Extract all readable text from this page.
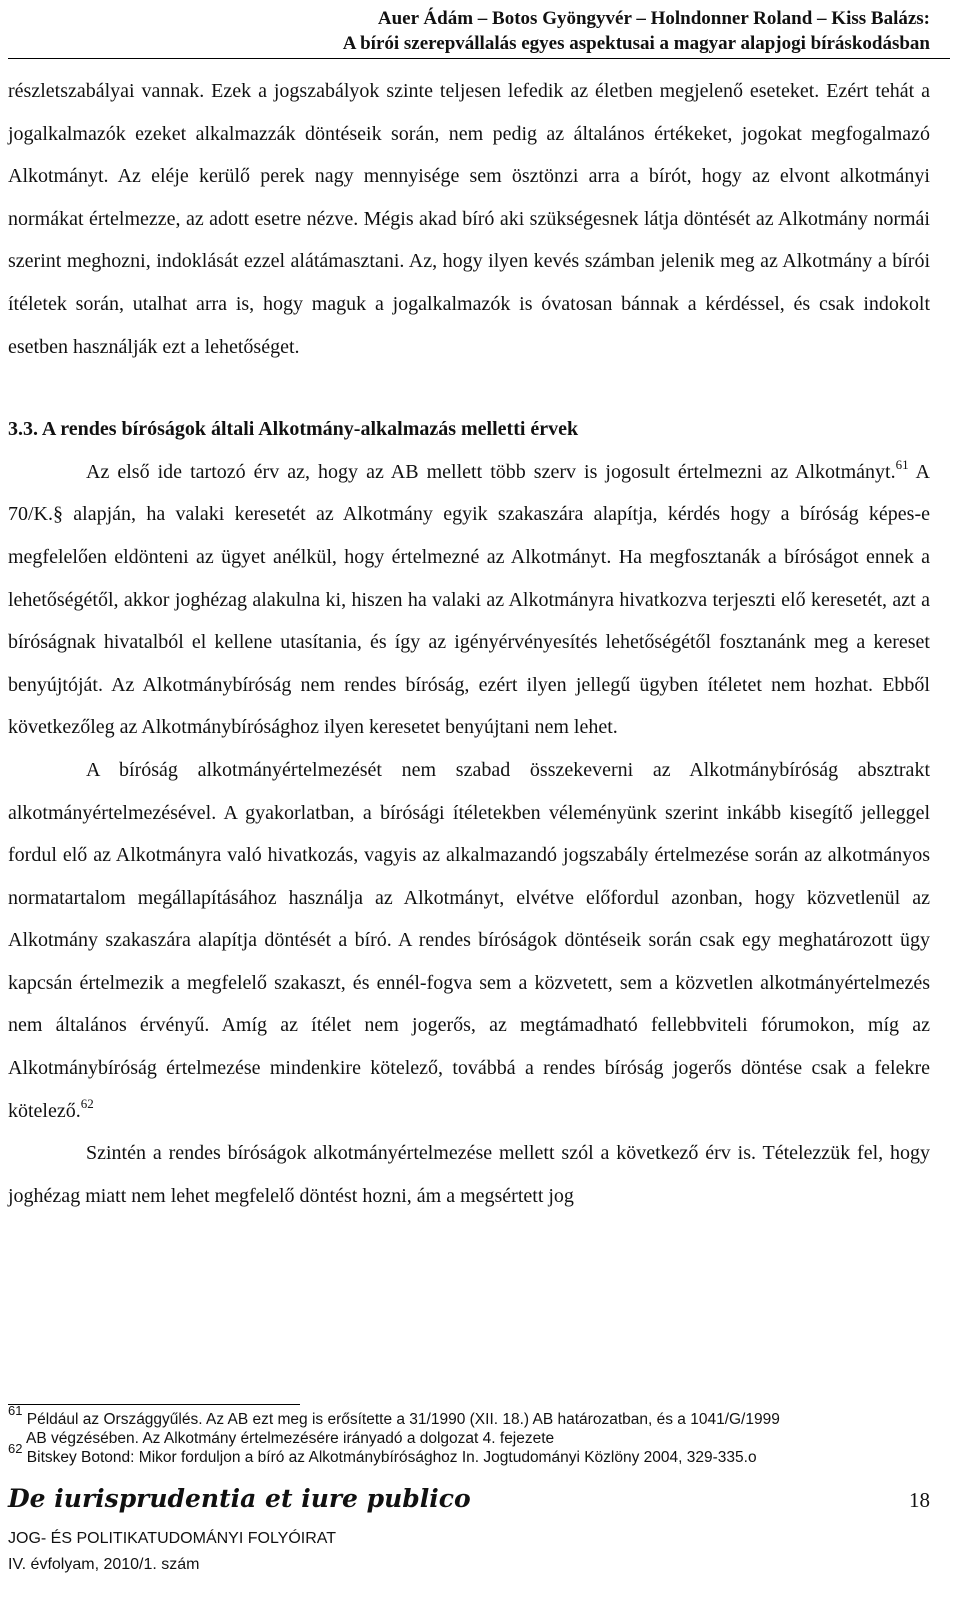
Auer Ádám – Botos Gyöngyvér – Holndonner Roland – Kiss Balázs:
A bírói szerepvállalás egyes aspektusai a magyar alapjogi bíráskodásban

részletszabályai vannak. Ezek a jogszabályok szinte teljesen lefedik az életben megjelenő eseteket. Ezért tehát a jogalkalmazók ezeket alkalmazzák döntéseik során, nem pedig az általános értékeket, jogokat megfogalmazó Alkotmányt. Az eléje kerülő perek nagy mennyisége sem ösztönzi arra a bírót, hogy az elvont alkotmányi normákat értelmezze, az adott esetre nézve. Mégis akad bíró aki szükségesnek látja döntését az Alkotmány normái szerint meghozni, indoklását ezzel alátámasztani. Az, hogy ilyen kevés számban jelenik meg az Alkotmány a bírói ítéletek során, utalhat arra is, hogy maguk a jogalkalmazók is óvatosan bánnak a kérdéssel, és csak indokolt esetben használják ezt a lehetőséget.

3.3. A rendes bíróságok általi Alkotmány-alkalmazás melletti érvek

Az első ide tartozó érv az, hogy az AB mellett több szerv is jogosult értelmezni az Alkotmányt.$^{61}$ A 70/K.§ alapján, ha valaki keresetét az Alkotmány egyik szakaszára alapítja, kérdés hogy a bíróság képes-e megfelelően eldönteni az ügyet anélkül, hogy értelmezné az Alkotmányt. Ha megfosztanák a bíróságot ennek a lehetőségétől, akkor joghézag alakulna ki, hiszen ha valaki az Alkotmányra hivatkozva terjeszti elő keresetét, azt a bíróságnak hivatalból el kellene utasítania, és így az igényérvényesítés lehetőségétől fosztanánk meg a kereset benyújtóját. Az Alkotmánybíróság nem rendes bíróság, ezért ilyen jellegű ügyben ítéletet nem hozhat. Ebből következőleg az Alkotmánybírósághoz ilyen keresetet benyújtani nem lehet.

A bíróság alkotmányértelmezését nem szabad összekeverni az Alkotmánybíróság absztrakt alkotmányértelmezésével. A gyakorlatban, a bírósági ítéletekben véleményünk szerint inkább kisegítő jelleggel fordul elő az Alkotmányra való hivatkozás, vagyis az alkalmazandó jogszabály értelmezése során az alkotmányos normatartalom megállapításához használja az Alkotmányt, elvétve előfordul azonban, hogy közvetlenül az Alkotmány szakaszára alapítja döntését a bíró. A rendes bíróságok döntéseik során csak egy meghatározott ügy kapcsán értelmezik a megfelelő szakaszt, és ennél-fogva sem a közvetett, sem a közvetlen alkotmányértelmezés nem általános érvényű. Amíg az ítélet nem jogerős, az megtámadható fellebbviteli fórumokon, míg az Alkotmánybíróság értelmezése mindenkire kötelező, továbbá a rendes bíróság jogerős döntése csak a felekre kötelező.$^{62}$

Szintén a rendes bíróságok alkotmányértelmezése mellett szól a következő érv is. Tételezzük fel, hogy joghézag miatt nem lehet megfelelő döntést hozni, ám a megsértett jog

$^{61}$ Például az Országgyűlés. Az AB ezt meg is erősítette a 31/1990 (XII. 18.) AB határozatban, és a 1041/G/1999
AB végzésében. Az Alkotmány értelmezésére irányadó a dolgozat 4. fejezete
$^{62}$ Bitskey Botond: Mikor forduljon a bíró az Alkotmánybírósághoz In. Jogtudományi Közlöny 2004, 329-335.o
De iurisprudentia et iure publico	18
JOG- ÉS POLITIKATUDOMÁNYI FOLYÓIRAT
IV. évfolyam, 2010/1. szám
